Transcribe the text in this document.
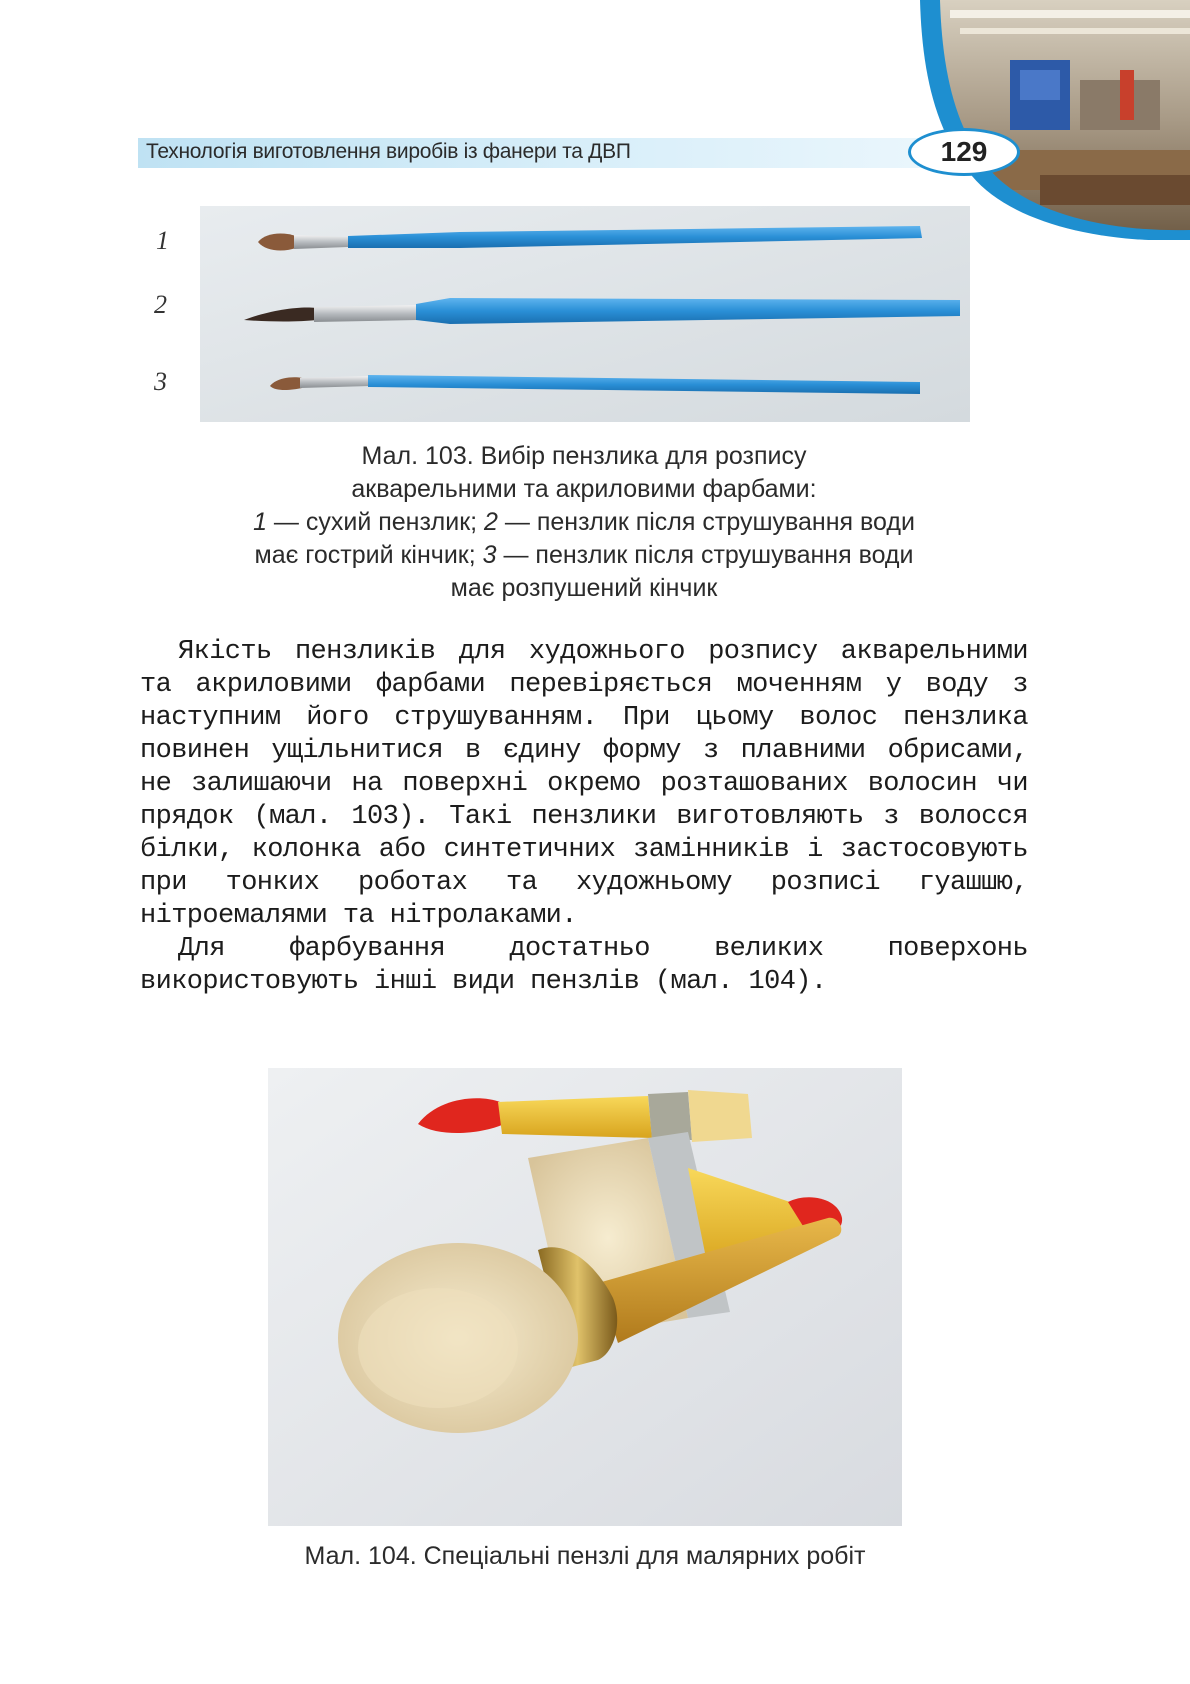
Технологія виготовлення виробів із фанери та ДВП	129
1
2
3
Мал. 103. Вибір пензлика для розпису
акварельними та акриловими фарбами:
1 — сухий пензлик; 2 — пензлик після струшування води
має гострий кінчик; 3 — пензлик після струшування води
має розпушений кінчик

Якість пензликів для художнього розпису акварельними та акриловими фарбами перевіряється моченням у воду з наступним його струшуванням. При цьому волос пензлика повинен ущільнитися в єдину форму з плавними обрисами, не залишаючи на поверхні окремо розташованих волосин чи прядок (мал. 103). Такі пензлики виготовляють з волосся білки, колонка або синтетичних замінників і застосовують при тонких роботах та художньому розписі гуашшю, нітроемалями та нітролаками.

Для фарбування достатньо великих поверхонь використовують інші види пензлів (мал. 104).

Мал. 104. Спеціальні пензлі для малярних робіт
